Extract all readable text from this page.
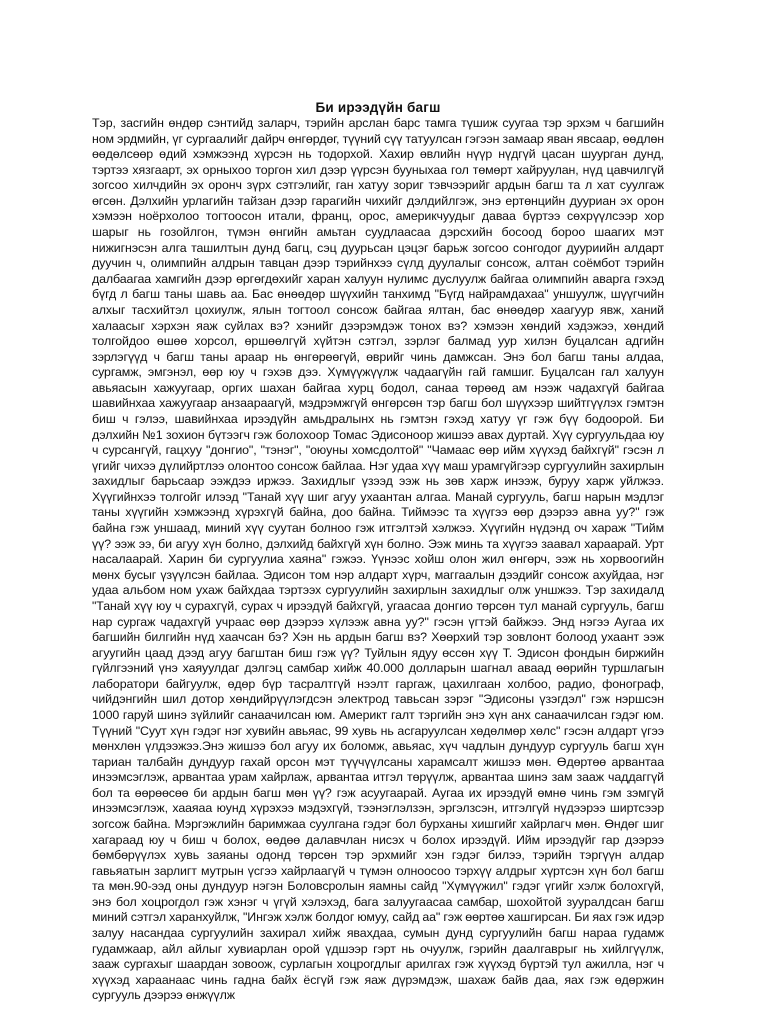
Би ирээдүйн багш

Тэр, засгийн өндөр сэнтийд заларч, тэрийн арслан барс тамга түшиж суугаа тэр эрхэм ч багшийн ном эрдмийн, үг сургаалийг дайрч өнгөрдөг, түүний сүү татуулсан гэгээн замаар яван явсаар, өөдлөн өөдөлсөөр өдий хэмжээнд хүрсэн нь тодорхой. Хахир өвлийн нүүр нүдгүй цасан шуурган дунд, тэртээ хязгаарт, эх орныхоо торгон хил дээр үүрсэн бууныхаа гол төмөрт хайруулан, нүд цавчилгүй зогсоо хилчдийн эх оронч зүрх сэтгэлийг, ган хатуу зориг тэвчээрийг ардын багш та л хат суулгаж өгсөн. Дэлхийн урлагийн тайзан дээр гарагийн чихийг дэлдийлгэж, энэ ертөнцийн дууриан эх орон хэмээн ноёрхолоо тогтоосон итали, франц, орос, америкчуудыг даваа бүртээ сөхрүүлсээр хор шарыг нь гозойлгон, түмэн өнгийн амьтан суудлаасаа дэрсхийн босоод бороо шаагих мэт нижигнэсэн алга ташилтын дунд багц, сэц дуурьсан цэцэг барьж зогсоо сонгодог дууриийн алдарт дуучин ч, олимпийн алдрын тавцан дээр тэрийнхээ сүлд дуулалыг сонсож, алтан соёмбот тэрийн далбаагаа хамгийн дээр өргөгдөхийг харан халуун нулимс дуслуулж байгаа олимпийн аварга гэхэд бүгд л багш таны шавь аа. Бас өнөөдөр шүүхийн танхимд "Бүгд найрамдахаа" уншуулж, шүүгчийн алхыг тасхийтэл цохиулж, ялын тогтоол сонсож байгаа ялтан, бас өнөөдөр хаагуур явж, ханий халаасыг хэрхэн яаж суйлах вэ? хэнийг дээрэмдэж тонох вэ? хэмээн хөндий хэдэжээ, хөндий толгойдоо өшөө хорсол, өршөөлгүй хүйтэн сэтгэл, зэрлэг балмад уур хилэн буцалсан адгийн зэрлэгүүд ч багш таны араар нь өнгөрөөгүй, өврийг чинь дамжсан. Энэ бол багш таны алдаа, сургамж, эмгэнэл, өөр юу ч гэхэв дээ. Хүмүүжүүлж чадаагүйн гай гамшиг. Буцалсан гал халуун авьяасын хажуугаар, оргих шахан байгаа хурц бодол, санаа төрөөд ам нээж чадахгүй байгаа шавийнхаа хажуугаар анзаараагүй, мэдрэмжгүй өнгөрсөн тэр багш бол шүүхээр шийтгүүлэх гэмтэн биш ч гэлээ, шавийнхаа ирээдүйн амьдралынх нь гэмтэн гэхэд хатуу үг гэж бүү бодоорой. Би дэлхийн №1 зохион бүтээгч гэж болохоор Томас Эдисоноор жишээ авах дуртай. Хүү сургуульдаа юу ч сурсангүй, гацхуу "донгио", "тэнэг", "оюуны хомсдолтой" "Чамаас өөр ийм хүүхэд байхгүй" гэсэн л үгийг чихээ дүлийртлээ олонтоо сонсож байлаа. Нэг удаа хүү маш урамгүйгээр сургуулийн захирлын захидлыг барьсаар ээждээ иржээ. Захидлыг үзээд ээж нь зөв харж инээж, буруу харж уйлжээ. Хүүгийнхээ толгойг илээд "Танай хүү шиг агуу ухаантан алгаа. Манай сургууль, багш нарын мэдлэг таны хүүгийн хэмжээнд хүрэхгүй байна, доо байна. Тиймээс та хүүгээ өөр дээрээ авна уу?" гэж байна гэж уншаад, миний хүү суутан болноо гэж итгэлтэй хэлжээ. Хүүгийн нүдэнд оч хараж "Тийм үү? ээж ээ, би агуу хүн болно, дэлхийд байхгүй хүн болно. Ээж минь та хүүгээ заавал хараарай. Урт насалаарай. Харин би сургуулиа хаяна" гэжээ. Үүнээс хойш олон жил өнгөрч, ээж нь хорвоогийн мөнх бусыг үзүүлсэн байлаа. Эдисон том нэр алдарт хүрч, маггаалын дээдийг сонсож ахуйдаа, нэг удаа альбом ном ухаж байхдаа тэртээх сургуулийн захирлын захидлыг олж уншжээ. Тэр захидалд "Танай хүү юу ч сурахгүй, сурах ч ирээдүй байхгүй, угаасаа донгио төрсөн тул манай сургууль, багш нар сургаж чадахгүй учраас өөр дээрээ хүлээж авна уу?" гэсэн үгтэй байжээ. Энд нэгээ Аугаа их багшийн билгийн нүд хаачсан бэ? Хэн нь ардын багш вэ? Хөөрхий тэр зовлонт болоод ухаант ээж агуугийн цаад дээд агуу багштан биш гэж үү? Туйлын ядуу өссөн хүү Т. Эдисон фондын биржийн гүйлгээний үнэ хаяуулдаг дэлгэц самбар хийж 40.000 долларын шагнал аваад өөрийн туршлагын лаборатори байгуулж, өдөр бүр тасралтгүй нээлт гаргаж, цахилгаан холбоо, радио, фонограф, чийдэнгийн шил дотор хөндийрүүлэгдсэн электрод тавьсан зэрэг "Эдисоны үзэгдэл" гэж нэршсэн 1000 гаруй шинэ зүйлийг санаачилсан юм. Америкт галт тэргийн энэ хүн анх санаачилсан гэдэг юм. Түүний "Суут хүн гэдэг нэг хувийн авьяас, 99 хувь нь асгаруулсан хөдөлмөр хөлс" гэсэн алдарт үгээ мөнхлөн үлдээжээ.Энэ жишээ бол агуу их боломж, авьяас, хүч чадлын дундуур сургууль багш хүн тариан талбайн дундуур гахай орсон мэт түүчүүлсаны харамсалт жишээ мөн. Өдөртөө арвантаа инээмсэглэж, арвантаа урам хайрлаж, арвантаа итгэл төрүүлж, арвантаа шинэ зам зааж чаддаггүй бол та өөрөөсөө би ардын багш мөн үү? гэж асуугаарай. Аугаа их ирээдүй өмнө чинь гэм зэмгүй инээмсэглэж, хааяаа юунд хүрэхээ мэдэхгүй, тээнэглэлзэн, эргэлзсэн, итгэлгүй нүдээрээ ширтсээр зогсож байна. Мэргэжлийн баримжаа суулгана гэдэг бол бурханы хишгийг хайрлагч мөн. Өндөг шиг хагараад юу ч биш ч болох, өөдөө далавчлан нисэх ч болох ирээдүй. Ийм ирээдүйг гар дээрээ бөмбөрүүлэх хувь заяаны одонд төрсөн тэр эрхмийг хэн гэдэг билээ, тэрийн тэргүүн алдар гавьяатын зарлигт мутрын үсгээ хайрлаагүй ч түмэн олноосоо тэрхүү алдрыг хүртсэн хүн бол багш та мөн.90-ээд оны дундуур нэгэн Боловсролын яамны сайд "Хүмүүжил" гэдэг үгийг хэлж болохгүй, энэ бол хоцрогдол гэж хэнэг ч үгүй хэлэхэд, бага залуугаасаа самбар, шохойтой зууралдсан багш миний сэтгэл харанхуйлж, "Ингэж хэлж болдог юмуу, сайд аа" гэж өөртөө хашгирсан. Би яах гэж идэр залуу насандаа сургуулийн захирал хийж явахдаа, сумын дунд сургуулийн багш нараа гудамж гудамжаар, айл айлыг хувиарлан орой үдшээр гэрт нь очуулж, гэрийн даалгаврыг нь хийлгүүлж, зааж сургахыг шаардан зовоож, сурлагын хоцрогдлыг арилгах гэж хүүхэд бүртэй тул ажилла, нэг ч хүүхэд хараанаас чинь гадна байх ёсгүй гэж яаж дүрэмдэж, шахаж байв даа, яах гэж өдөржин сургууль дээрээ өнжүүлж
